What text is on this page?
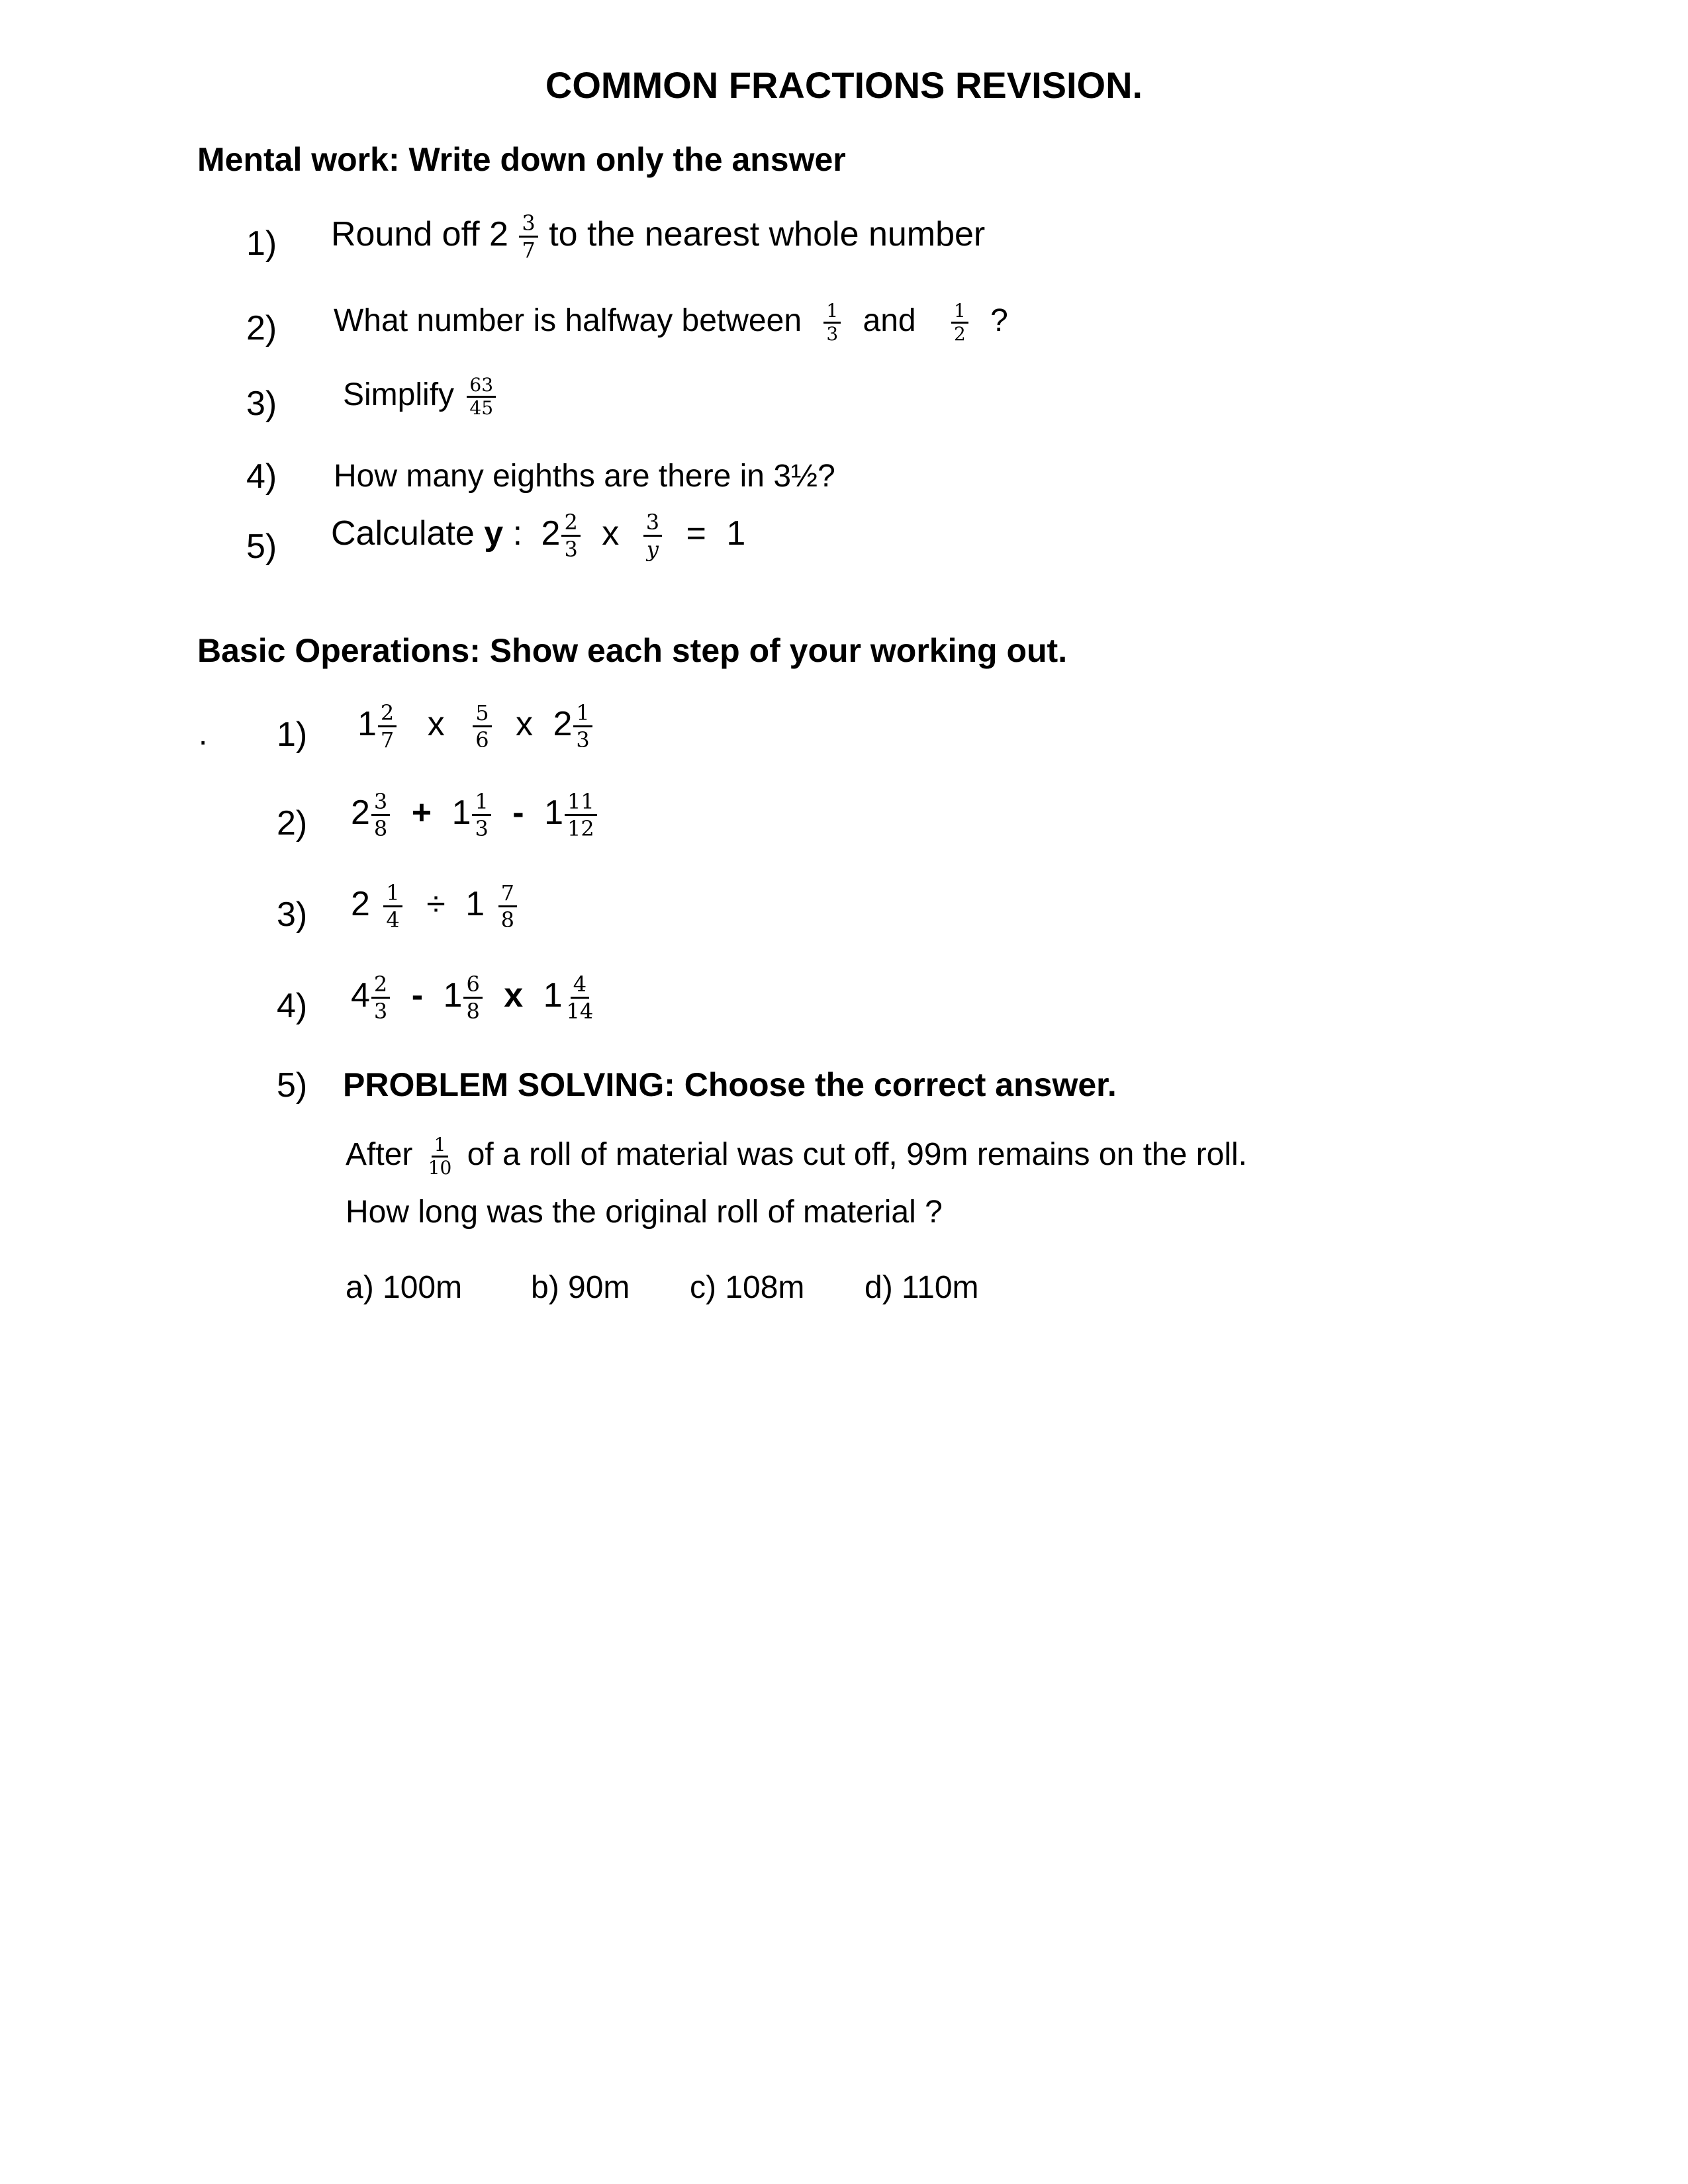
COMMON FRACTIONS REVISION.
Mental work: Write down only the answer
1) Round off $2 \frac{3}{7}$ to the nearest whole number
2) What number is halfway between $\frac{1}{3}$ and $\frac{1}{2}$ ?
3) Simplify $\frac{63}{45}$
4) How many eighths are there in 3½?
5) Calculate y : $2 \frac{2}{3}$ x $\frac{3}{y} = 1$
Basic Operations: Show each step of your working out.
. 1) $1 \frac{2}{7}$ x $\frac{5}{6}$ x $2 \frac{1}{3}$
2) $2 \frac{3}{8} + 1 \frac{1}{3} - 1 \frac{11}{12}$
3) $2 \frac{1}{4} \div 1 \frac{7}{8}$
4) $4 \frac{2}{3} - 1 \frac{6}{8}$ x $1 \frac{4}{14}$
5) PROBLEM SOLVING: Choose the correct answer.
After $\frac{1}{10}$ of a roll of material was cut off, 99m remains on the roll.
How long was the original roll of material ?
a) 100m b) 90m c) 108m d) 110m
